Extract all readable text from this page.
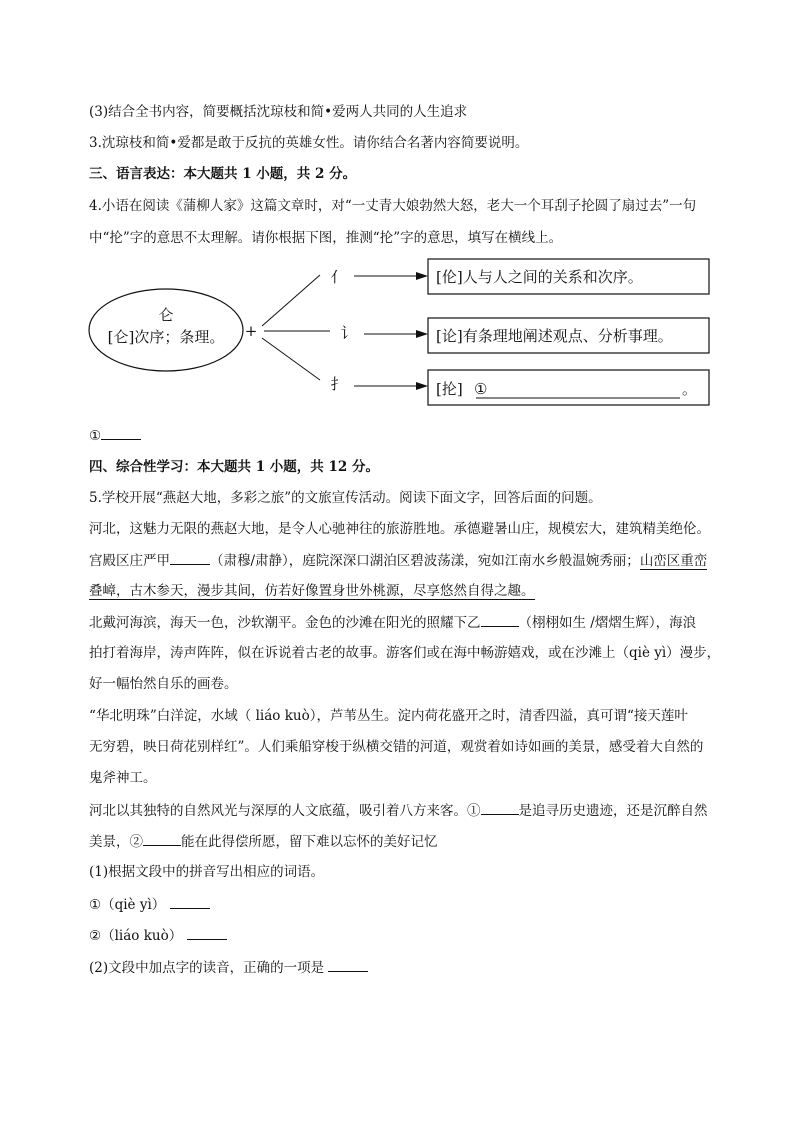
(3)结合全书内容，简要概括沈琼枝和简•爱两人共同的人生追求
3.沈琼枝和简•爱都是敢于反抗的英雄女性。请你结合名著内容简要说明。
三、语言表达：本大题共 1 小题，共 2 分。
4.小语在阅读《蒲柳人家》这篇文章时，对“一丈青大娘勃然大怒，老大一个耳刮子抡圆了扇过去”一句
中“抡”字的意思不太理解。请你根据下图，推测“抡”字的意思，填写在横线上。
仑
[仑]次序；条理。 +
亻
讠
扌
[伦]人与人之间的关系和次序。
[论]有条理地阐述观点、分析事理。
[抡] ①	。
①
四、综合性学习：本大题共 1 小题，共 12 分。
5.学校开展“燕赵大地，多彩之旅”的文旅宣传活动。阅读下面文字，回答后面的问题。
河北，这魅力无限的燕赵大地，是令人心驰神往的旅游胜地。承德避暑山庄，规模宏大，建筑精美绝伦。
宫殿区庄严甲	（肃穆/肃静），庭院深深口湖泊区碧波荡漾，宛如江南水乡般温婉秀丽；山峦区重峦
叠嶂，古木参天，漫步其间，仿若好像置身世外桃源，尽享悠然自得之趣。
北戴河海滨，海天一色，沙软潮平。金色的沙滩在阳光的照耀下乙	（栩栩如生 /熠熠生辉），海浪
拍打着海岸，涛声阵阵，似在诉说着古老的故事。游客们或在海中畅游嬉戏，或在沙滩上（qiè yì）漫步，
好一幅怡然自乐的画卷。
“华北明珠”白洋淀，水域（ liáo kuò），芦苇丛生。淀内荷花盛开之时，清香四溢，真可谓“接天莲叶
无穷碧，映日荷花别样红”。人们乘船穿梭于纵横交错的河道，观赏着如诗如画的美景，感受着大自然的
鬼斧神工。
河北以其独特的自然风光与深厚的人文底蕴，吸引着八方来客。①	是追寻历史遗迹，还是沉醉自然
美景，②	能在此得偿所愿，留下难以忘怀的美好记忆
(1)根据文段中的拼音写出相应的词语。
①（qiè yì）
②（liáo kuò）
(2)文段中加点字的读音，正确的一项是
